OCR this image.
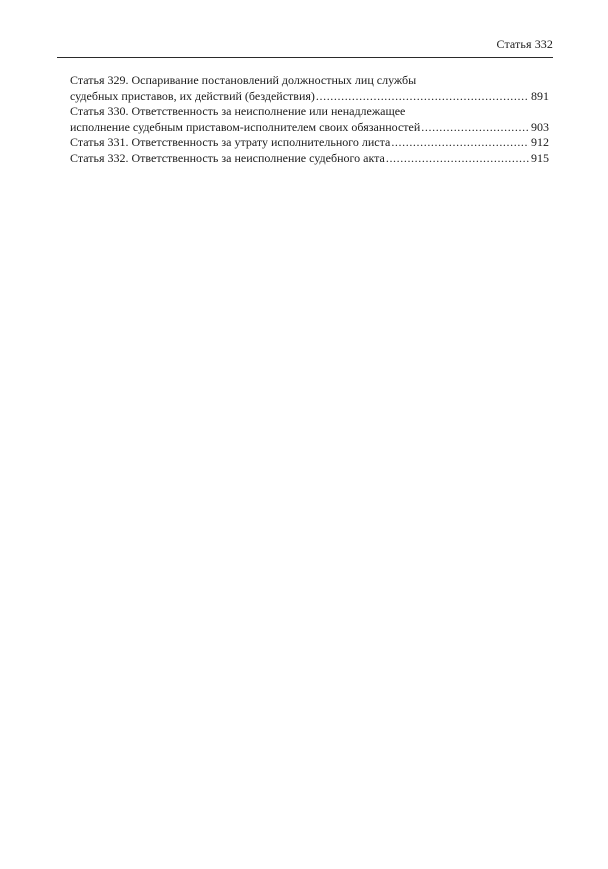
Статья 332
Статья 329. Оспаривание постановлений должностных лиц службы
судебных приставов, их действий (бездействия) .....	891
Статья 330. Ответственность за неисполнение или ненадлежащее
исполнение судебным приставом-исполнителем своих обязанностей .....	903
Статья 331. Ответственность за утрату исполнительного листа .....	912
Статья 332. Ответственность за неисполнение судебного акта .....	915
